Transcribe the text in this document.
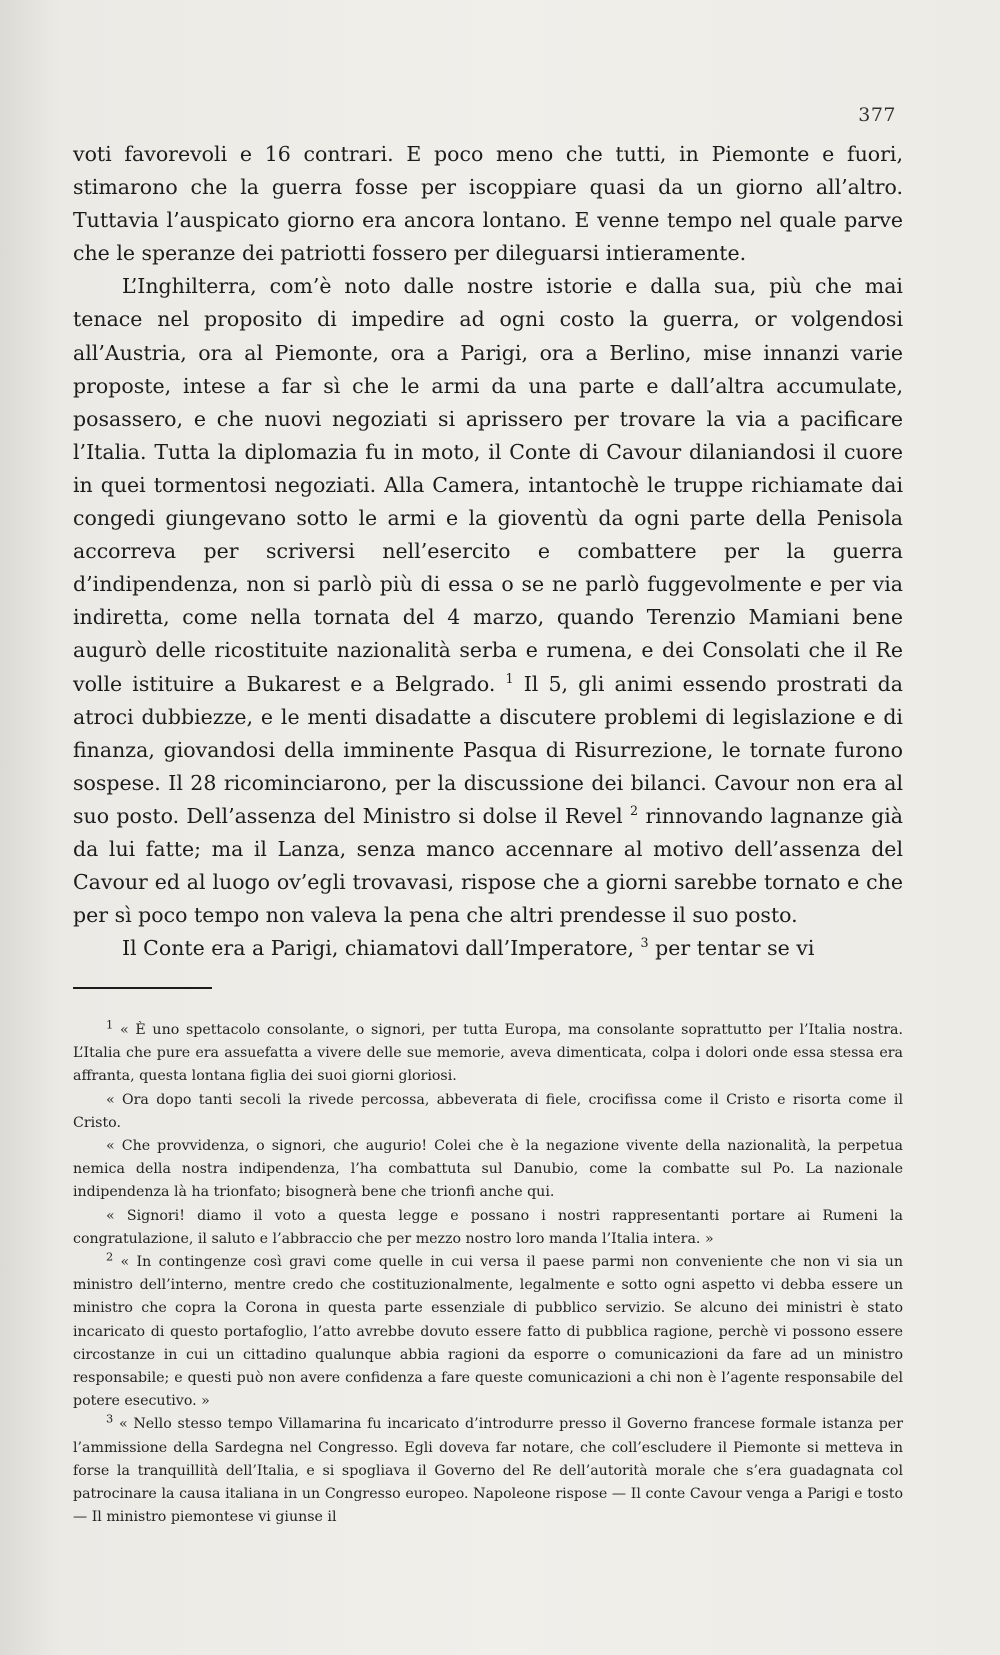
377

voti favorevoli e 16 contrari. E poco meno che tutti, in Piemonte e fuori, stimarono che la guerra fosse per iscoppiare quasi da un giorno all’altro. Tuttavia l’auspicato giorno era ancora lontano. E venne tempo nel quale parve che le speranze dei patriotti fossero per dileguarsi intieramente.

L’Inghilterra, com’è noto dalle nostre istorie e dalla sua, più che mai tenace nel proposito di impedire ad ogni costo la guerra, or volgendosi all’Austria, ora al Piemonte, ora a Parigi, ora a Berlino, mise innanzi varie proposte, intese a far sì che le armi da una parte e dall’altra accumulate, posassero, e che nuovi negoziati si aprissero per trovare la via a pacificare l’Italia. Tutta la diplomazia fu in moto, il Conte di Cavour dilaniandosi il cuore in quei tormentosi negoziati. Alla Camera, intantochè le truppe richiamate dai congedi giungevano sotto le armi e la gioventù da ogni parte della Penisola accorreva per scriversi nell’esercito e combattere per la guerra d’indipendenza, non si parlò più di essa o se ne parlò fuggevolmente e per via indiretta, come nella tornata del 4 marzo, quando Terenzio Mamiani bene augurò delle ricostituite nazionalità serba e rumena, e dei Consolati che il Re volle istituire a Bukarest e a Belgrado. $^1$ Il 5, gli animi essendo prostrati da atroci dubbiezze, e le menti disadatte a discutere problemi di legislazione e di finanza, giovandosi della imminente Pasqua di Risurrezione, le tornate furono sospese. Il 28 ricominciarono, per la discussione dei bilanci. Cavour non era al suo posto. Dell’assenza del Ministro si dolse il Revel $^2$ rinnovando lagnanze già da lui fatte; ma il Lanza, senza manco accennare al motivo dell’assenza del Cavour ed al luogo ov’egli trovavasi, rispose che a giorni sarebbe tornato e che per sì poco tempo non valeva la pena che altri prendesse il suo posto.

Il Conte era a Parigi, chiamatovi dall’Imperatore, $^3$ per tentar se vi

$^1$ « È uno spettacolo consolante, o signori, per tutta Europa, ma consolante soprattutto per l’Italia nostra. L’Italia che pure era assuefatta a vivere delle sue memorie, aveva dimenticata, colpa i dolori onde essa stessa era affranta, questa lontana figlia dei suoi giorni gloriosi.

« Ora dopo tanti secoli la rivede percossa, abbeverata di fiele, crocifissa come il Cristo e risorta come il Cristo.

« Che provvidenza, o signori, che augurio! Colei che è la negazione vivente della nazionalità, la perpetua nemica della nostra indipendenza, l’ha combattuta sul Danubio, come la combatte sul Po. La nazionale indipendenza là ha trionfato; bisognerà bene che trionfi anche qui.

« Signori! diamo il voto a questa legge e possano i nostri rappresentanti portare ai Rumeni la congratulazione, il saluto e l’abbraccio che per mezzo nostro loro manda l’Italia intera. »

$^2$ « In contingenze così gravi come quelle in cui versa il paese parmi non conveniente che non vi sia un ministro dell’interno, mentre credo che costituzionalmente, legalmente e sotto ogni aspetto vi debba essere un ministro che copra la Corona in questa parte essenziale di pubblico servizio. Se alcuno dei ministri è stato incaricato di questo portafoglio, l’atto avrebbe dovuto essere fatto di pubblica ragione, perchè vi possono essere circostanze in cui un cittadino qualunque abbia ragioni da esporre o comunicazioni da fare ad un ministro responsabile; e questi può non avere confidenza a fare queste comunicazioni a chi non è l’agente responsabile del potere esecutivo. »

$^3$ « Nello stesso tempo Villamarina fu incaricato d’introdurre presso il Governo francese formale istanza per l’ammissione della Sardegna nel Congresso. Egli doveva far notare, che coll’escludere il Piemonte si metteva in forse la tranquillità dell’Italia, e si spogliava il Governo del Re dell’autorità morale che s’era guadagnata col patrocinare la causa italiana in un Congresso europeo. Napoleone rispose — Il conte Cavour venga a Parigi e tosto — Il ministro piemontese vi giunse il
